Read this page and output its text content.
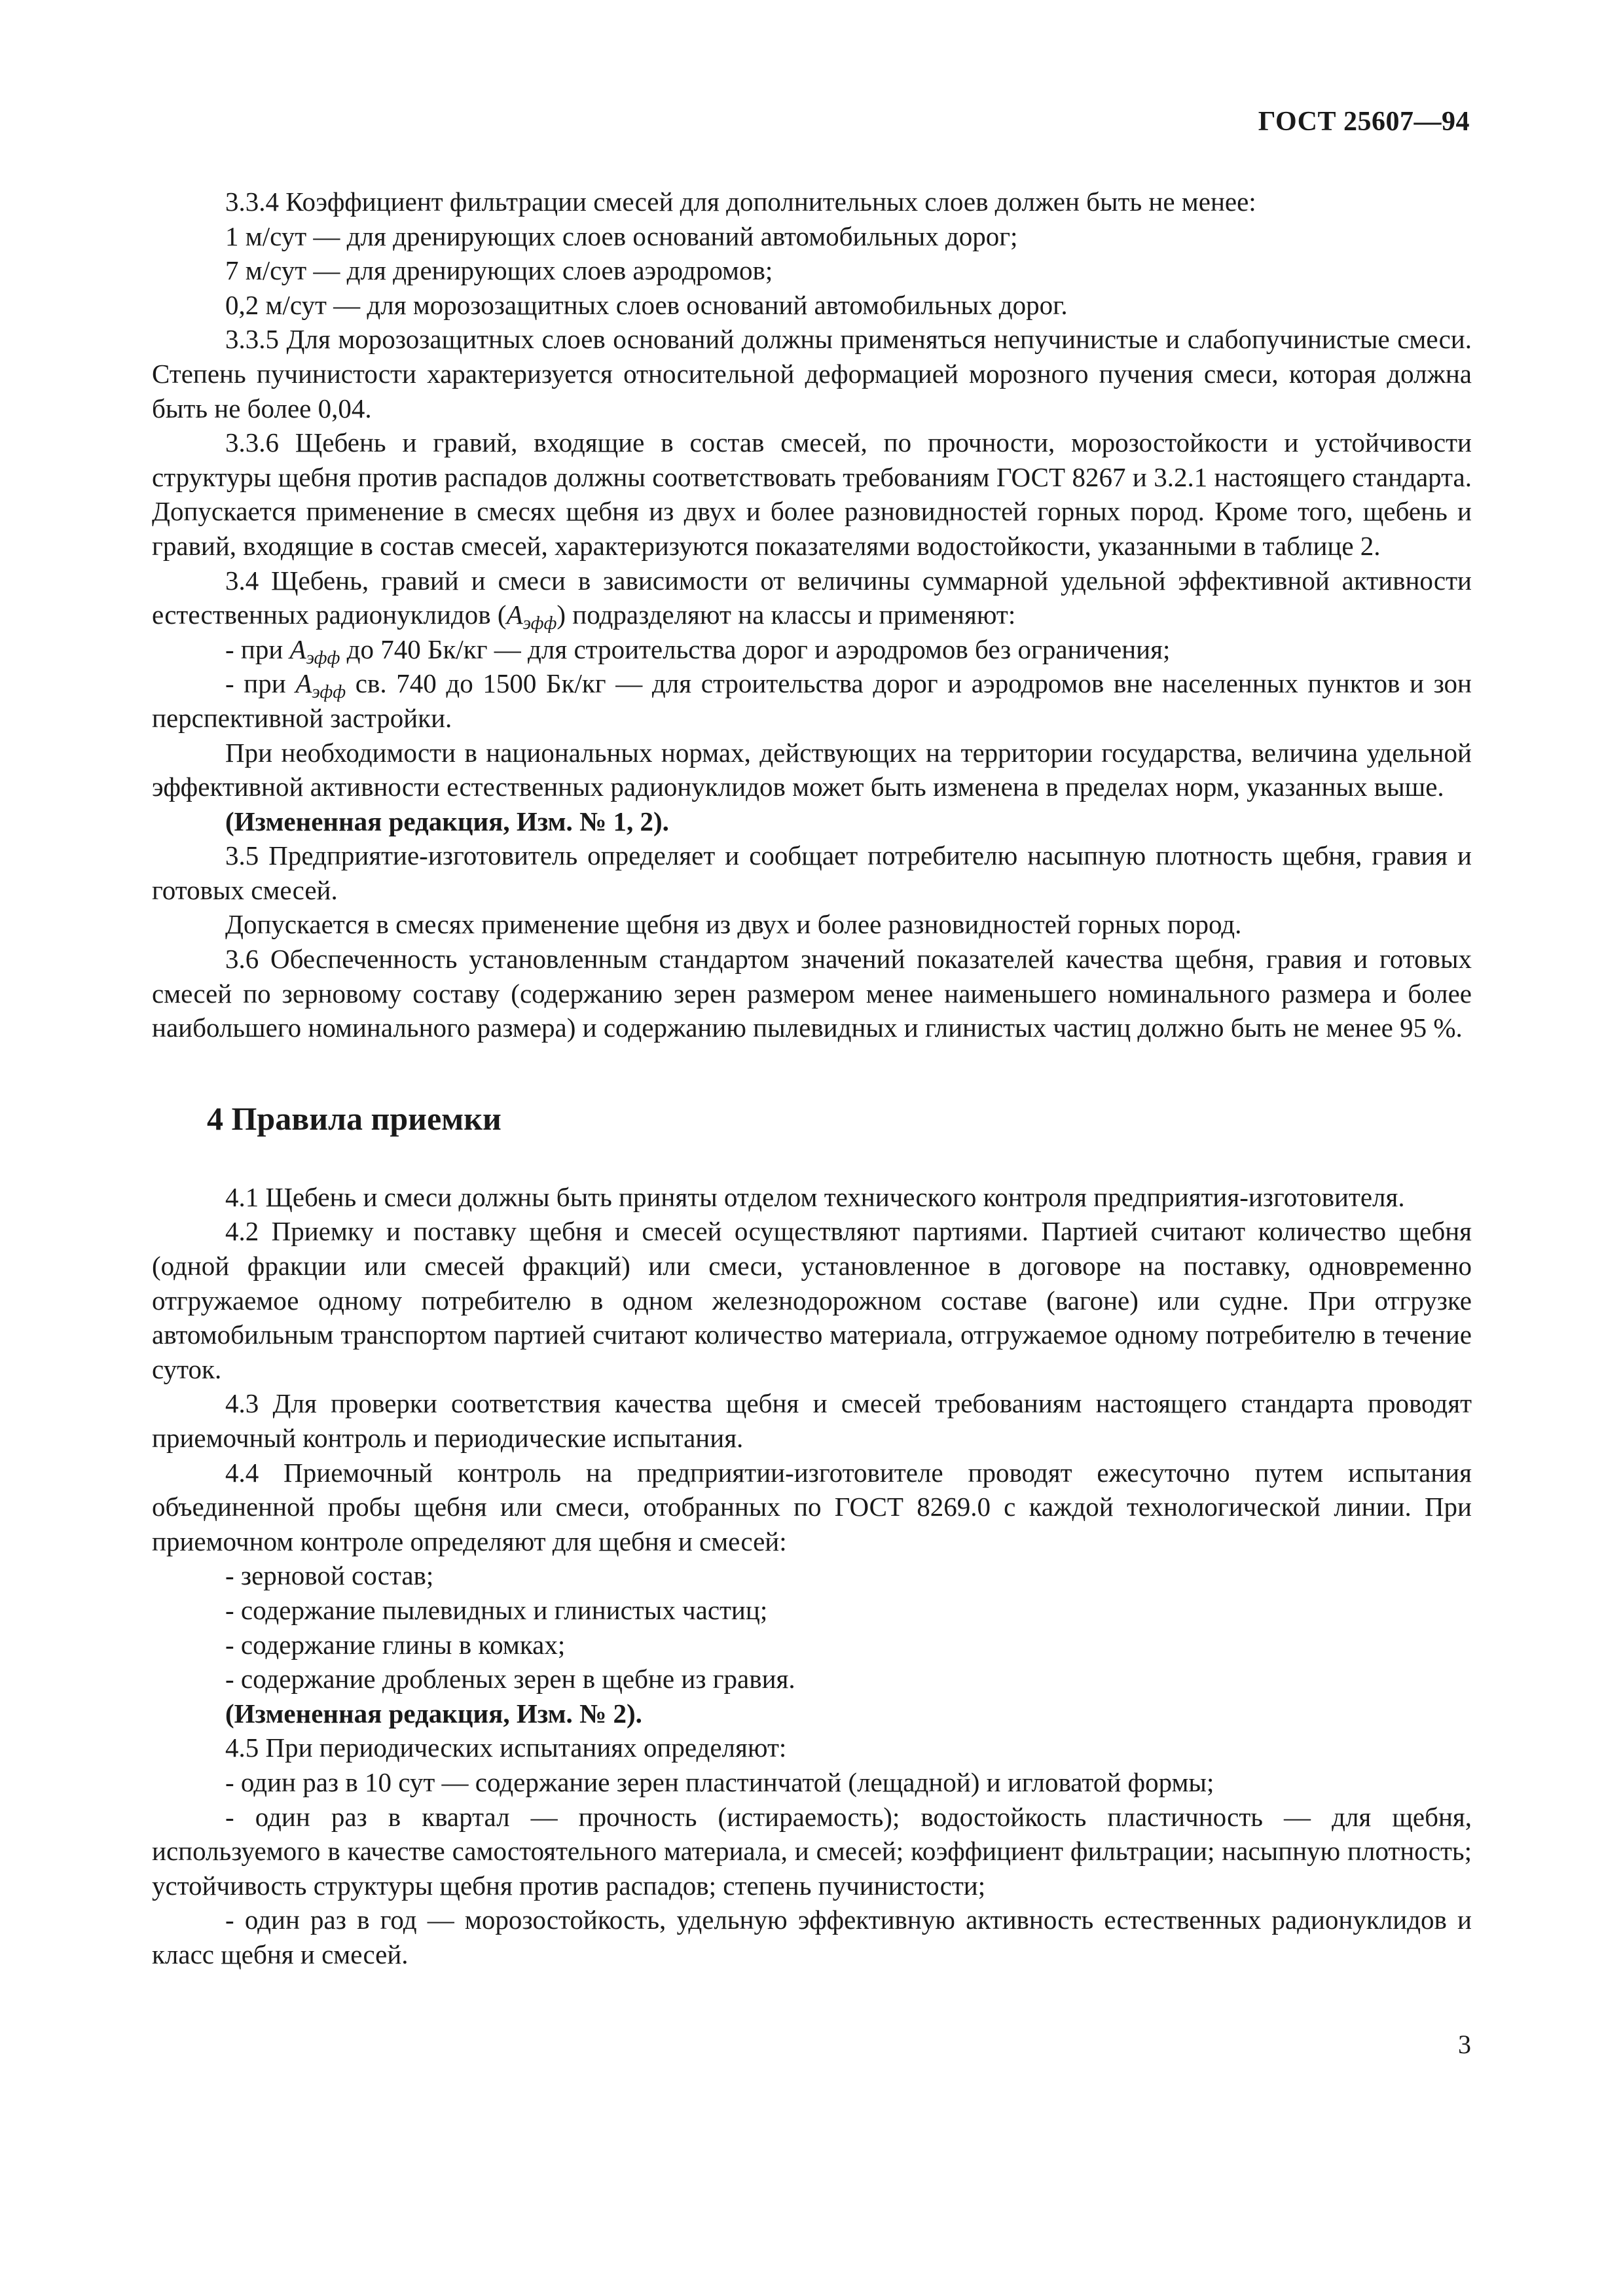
ГОСТ 25607—94

3.3.4 Коэффициент фильтрации смесей для дополнительных слоев должен быть не менее:

1 м/сут — для дренирующих слоев оснований автомобильных дорог;

7 м/сут — для дренирующих слоев аэродромов;

0,2 м/сут — для морозозащитных слоев оснований автомобильных дорог.

3.3.5 Для морозозащитных слоев оснований должны применяться непучинистые и слабопучинистые смеси. Степень пучинистости характеризуется относительной деформацией морозного пучения смеси, которая должна быть не более 0,04.

3.3.6 Щебень и гравий, входящие в состав смесей, по прочности, морозостойкости и устойчивости структуры щебня против распадов должны соответствовать требованиям ГОСТ 8267 и 3.2.1 настоящего стандарта. Допускается применение в смесях щебня из двух и более разновидностей горных пород. Кроме того, щебень и гравий, входящие в состав смесей, характеризуются показателями водостойкости, указанными в таблице 2.

3.4 Щебень, гравий и смеси в зависимости от величины суммарной удельной эффективной активности естественных радионуклидов $(A_{эфф})$ подразделяют на классы и применяют:

- при $A_{эфф}$ до 740 Бк/кг — для строительства дорог и аэродромов без ограничения;

- при $A_{эфф}$ св. 740 до 1500 Бк/кг — для строительства дорог и аэродромов вне населенных пунктов и зон перспективной застройки.

При необходимости в национальных нормах, действующих на территории государства, величина удельной эффективной активности естественных радионуклидов может быть изменена в пределах норм, указанных выше.

(Измененная редакция, Изм. № 1, 2).

3.5 Предприятие-изготовитель определяет и сообщает потребителю насыпную плотность щебня, гравия и готовых смесей.

Допускается в смесях применение щебня из двух и более разновидностей горных пород.

3.6 Обеспеченность установленным стандартом значений показателей качества щебня, гравия и готовых смесей по зерновому составу (содержанию зерен размером менее наименьшего номинального размера и более наибольшего номинального размера) и содержанию пылевидных и глинистых частиц должно быть не менее 95 %.

4 Правила приемки

4.1 Щебень и смеси должны быть приняты отделом технического контроля предприятия-изготовителя.

4.2 Приемку и поставку щебня и смесей осуществляют партиями. Партией считают количество щебня (одной фракции или смесей фракций) или смеси, установленное в договоре на поставку, одновременно отгружаемое одному потребителю в одном железнодорожном составе (вагоне) или судне. При отгрузке автомобильным транспортом партией считают количество материала, отгружаемое одному потребителю в течение суток.

4.3 Для проверки соответствия качества щебня и смесей требованиям настоящего стандарта проводят приемочный контроль и периодические испытания.

4.4 Приемочный контроль на предприятии-изготовителе проводят ежесуточно путем испытания объединенной пробы щебня или смеси, отобранных по ГОСТ 8269.0 с каждой технологической линии. При приемочном контроле определяют для щебня и смесей:

- зерновой состав;

- содержание пылевидных и глинистых частиц;

- содержание глины в комках;

- содержание дробленых зерен в щебне из гравия.

(Измененная редакция, Изм. № 2).

4.5 При периодических испытаниях определяют:

- один раз в 10 сут — содержание зерен пластинчатой (лещадной) и игловатой формы;

- один раз в квартал — прочность (истираемость); водостойкость пластичность — для щебня, используемого в качестве самостоятельного материала, и смесей; коэффициент фильтрации; насыпную плотность; устойчивость структуры щебня против распадов; степень пучинистости;

- один раз в год — морозостойкость, удельную эффективную активность естественных радионуклидов и класс щебня и смесей.

3
